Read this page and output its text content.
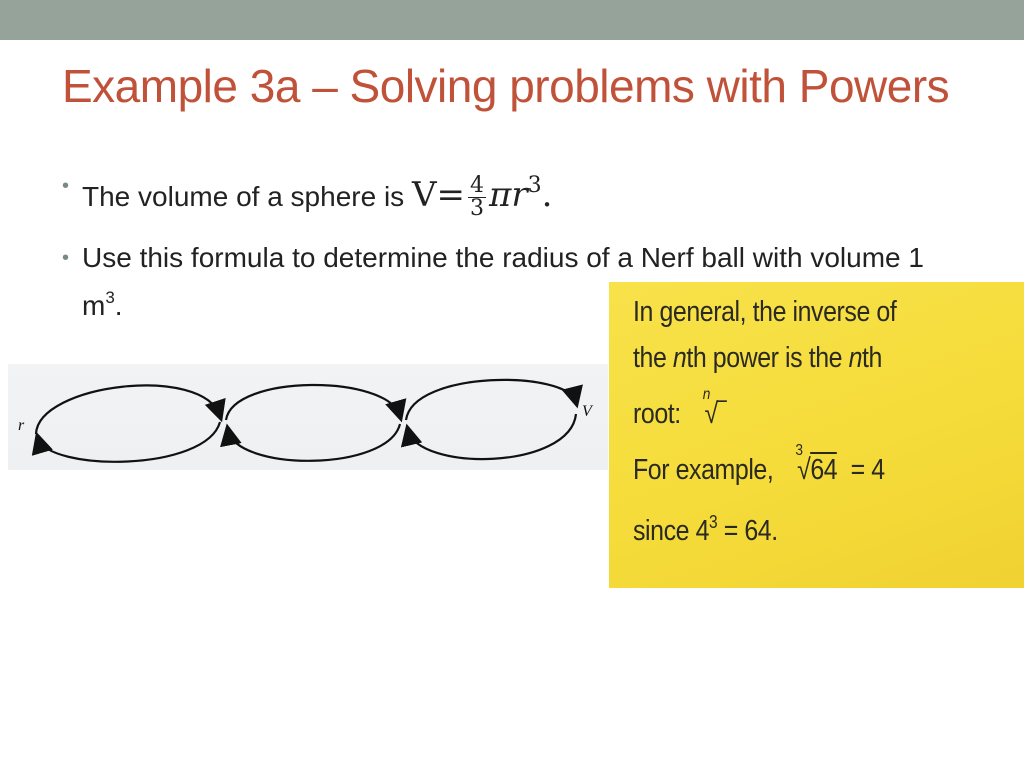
Example 3a – Solving problems with Powers
• The volume of a sphere is $V= \frac{4}{3} \pi r^3$.
• Use this formula to determine the radius of a Nerf ball with volume 1 $m^3$.
r
V
In general, the inverse of
the nth power is the nth
root:
n
√‾
For example,
3
√64 = 4
since $4^3 = 64$.
